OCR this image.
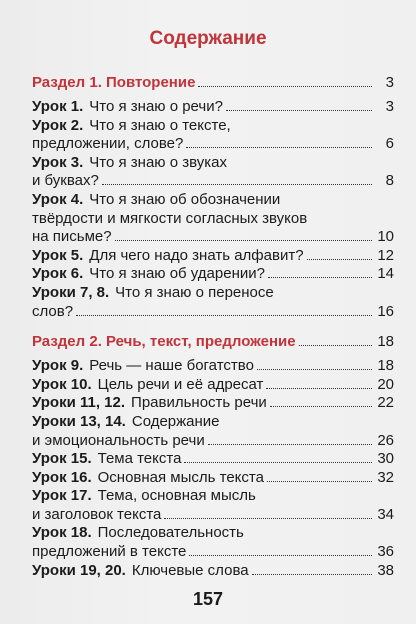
Содержание
Раздел 1. Повторение	3
Урок 1. Что я знаю о речи?	3
Урок 2. Что я знаю о тексте,
предложении, слове?	6
Урок 3. Что я знаю о звуках
и буквах?	8
Урок 4. Что я знаю об обозначении
твёрдости и мягкости согласных звуков
на письме?	10
Урок 5. Для чего надо знать алфавит?	12
Урок 6. Что я знаю об ударении?	14
Уроки 7, 8. Что я знаю о переносе
слов?	16
Раздел 2. Речь, текст, предложение	18
Урок 9. Речь — наше богатство	18
Урок 10. Цель речи и её адресат	20
Уроки 11, 12. Правильность речи	22
Уроки 13, 14. Содержание
и эмоциональность речи	26
Урок 15. Тема текста	30
Урок 16. Основная мысль текста	32
Урок 17. Тема, основная мысль
и заголовок текста	34
Урок 18. Последовательность
предложений в тексте	36
Уроки 19, 20. Ключевые слова	38
157
